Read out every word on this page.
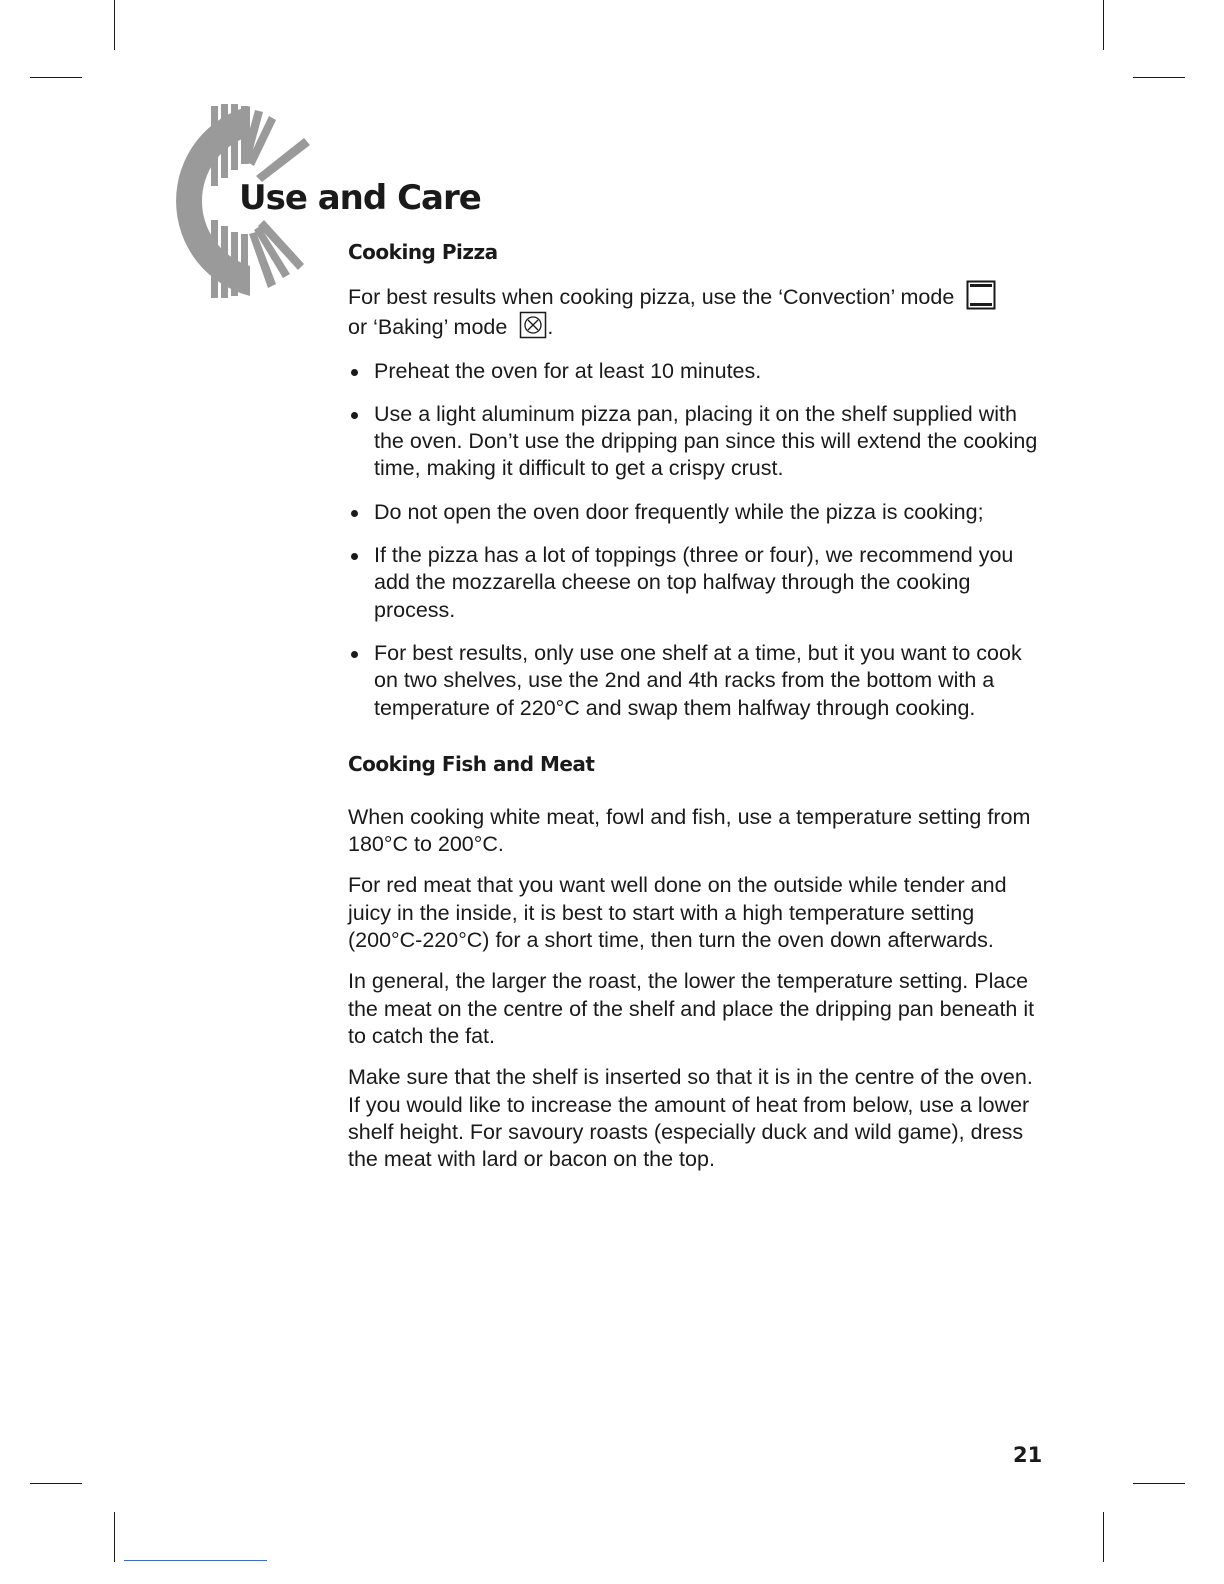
Use and Care
Cooking Pizza

For best results when cooking pizza, use the ‘Convection’ mode
or ‘Baking’ mode .

Preheat the oven for at least 10 minutes.
Use a light aluminum pizza pan, placing it on the shelf supplied with the oven. Don’t use the dripping pan since this will extend the cooking time, making it difficult to get a crispy crust.
Do not open the oven door frequently while the pizza is cooking;
If the pizza has a lot of toppings (three or four), we recommend you add the mozzarella cheese on top halfway through the cooking process.
For best results, only use one shelf at a time, but it you want to cook on two shelves, use the 2nd and 4th racks from the bottom with a temperature of 220°C and swap them halfway through cooking.
Cooking Fish and Meat

When cooking white meat, fowl and fish, use a temperature setting from 180°C to 200°C.

For red meat that you want well done on the outside while tender and juicy in the inside, it is best to start with a high temperature setting (200°C-220°C) for a short time, then turn the oven down afterwards.

In general, the larger the roast, the lower the temperature setting. Place the meat on the centre of the shelf and place the dripping pan beneath it to catch the fat.

Make sure that the shelf is inserted so that it is in the centre of the oven. If you would like to increase the amount of heat from below, use a lower shelf height. For savoury roasts (especially duck and wild game), dress the meat with lard or bacon on the top.

21
